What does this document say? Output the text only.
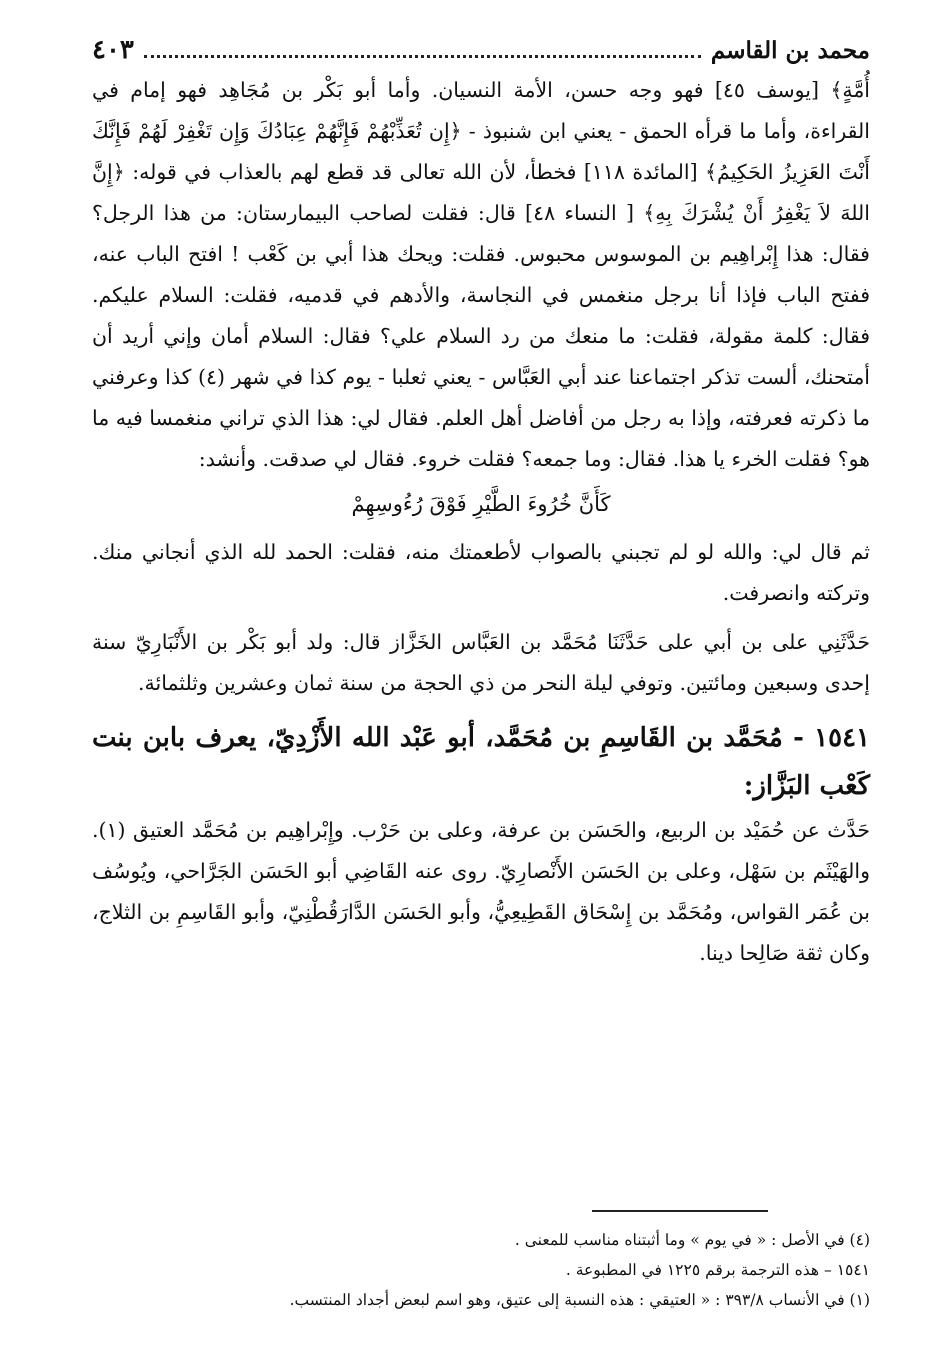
محمد بن القاسم
٤٠٣

أُمَّةٍ﴾ [يوسف ٤٥] فهو وجه حسن، الأمة النسيان. وأما أبو بَكْر بن مُجَاهِد فهو إمام في القراءة، وأما ما قرأه الحمق - يعني ابن شنبوذ - ﴿إِن تُعَذِّبْهُمْ فَإِنَّهُمْ عِبَادُكَ وَإِن تَغْفِرْ لَهُمْ فَإِنَّكَ أَنْتَ العَزِيزُ الحَكِيمُ﴾ [المائدة ١١٨] فخطأ، لأن الله تعالى قد قطع لهم بالعذاب في قوله: ﴿إِنَّ اللهَ لاَ يَغْفِرُ أَنْ يُشْرَكَ بِهِ﴾ [ النساء ٤٨] قال: فقلت لصاحب البيمارستان: من هذا الرجل؟ فقال: هذا إِبْراهِيم بن الموسوس محبوس. فقلت: ويحك هذا أبي بن كَعْب ! افتح الباب عنه، ففتح الباب فإذا أنا برجل منغمس في النجاسة، والأدهم في قدميه، فقلت: السلام عليكم. فقال: كلمة مقولة، فقلت: ما منعك من رد السلام علي؟ فقال: السلام أمان وإني أريد أن أمتحنك، ألست تذكر اجتماعنا عند أبي العَبَّاس - يعني ثعلبا - يوم كذا في شهر (٤) كذا وعرفني ما ذكرته فعرفته، وإذا به رجل من أفاضل أهل العلم. فقال لي: هذا الذي تراني منغمسا فيه ما هو؟ فقلت الخرء يا هذا. فقال: وما جمعه؟ فقلت خروء. فقال لي صدقت. وأنشد:

كَأَنَّ خُرُوءَ الطَّيْرِ فَوْقَ رُءُوسِهِمْ

ثم قال لي: والله لو لم تجبني بالصواب لأطعمتك منه، فقلت: الحمد لله الذي أنجاني منك. وتركته وانصرفت.

حَدَّثَنِي على بن أبي على حَدَّثَنَا مُحَمَّد بن العَبَّاس الخَزَّاز قال: ولد أبو بَكْر بن الأَنْبَارِيّ سنة إحدى وسبعين ومائتين. وتوفي ليلة النحر من ذي الحجة من سنة ثمان وعشرين وثلثمائة.

١٥٤١ - مُحَمَّد بن القَاسِمِ بن مُحَمَّد، أبو عَبْد الله الأَزْدِيّ، يعرف بابن بنت كَعْب البَزَّاز:

حَدَّث عن حُمَيْد بن الربيع، والحَسَن بن عرفة، وعلى بن حَرْب. وإِبْراهِيم بن مُحَمَّد العتيق (١). والهَيْثَم بن سَهْل، وعلى بن الحَسَن الأَنْصارِيّ. روى عنه القَاضِي أبو الحَسَن الجَرَّاحي، ويُوسُف بن عُمَر القواس، ومُحَمَّد بن إِسْحَاق القَطِيعِيُّ، وأبو الحَسَن الدَّارَقُطْنِيّ، وأبو القَاسِمِ بن الثلاج، وكان ثقة صَالِحا دينا.

(٤) في الأصل : « في يوم » وما أثبتناه مناسب للمعنى .

١٥٤١ – هذه الترجمة برقم ١٢٢٥ في المطبوعة .

(١) في الأنساب ٣٩٣/٨ : « العتيقي : هذه النسبة إلى عتيق، وهو اسم لبعض أجداد المنتسب.
